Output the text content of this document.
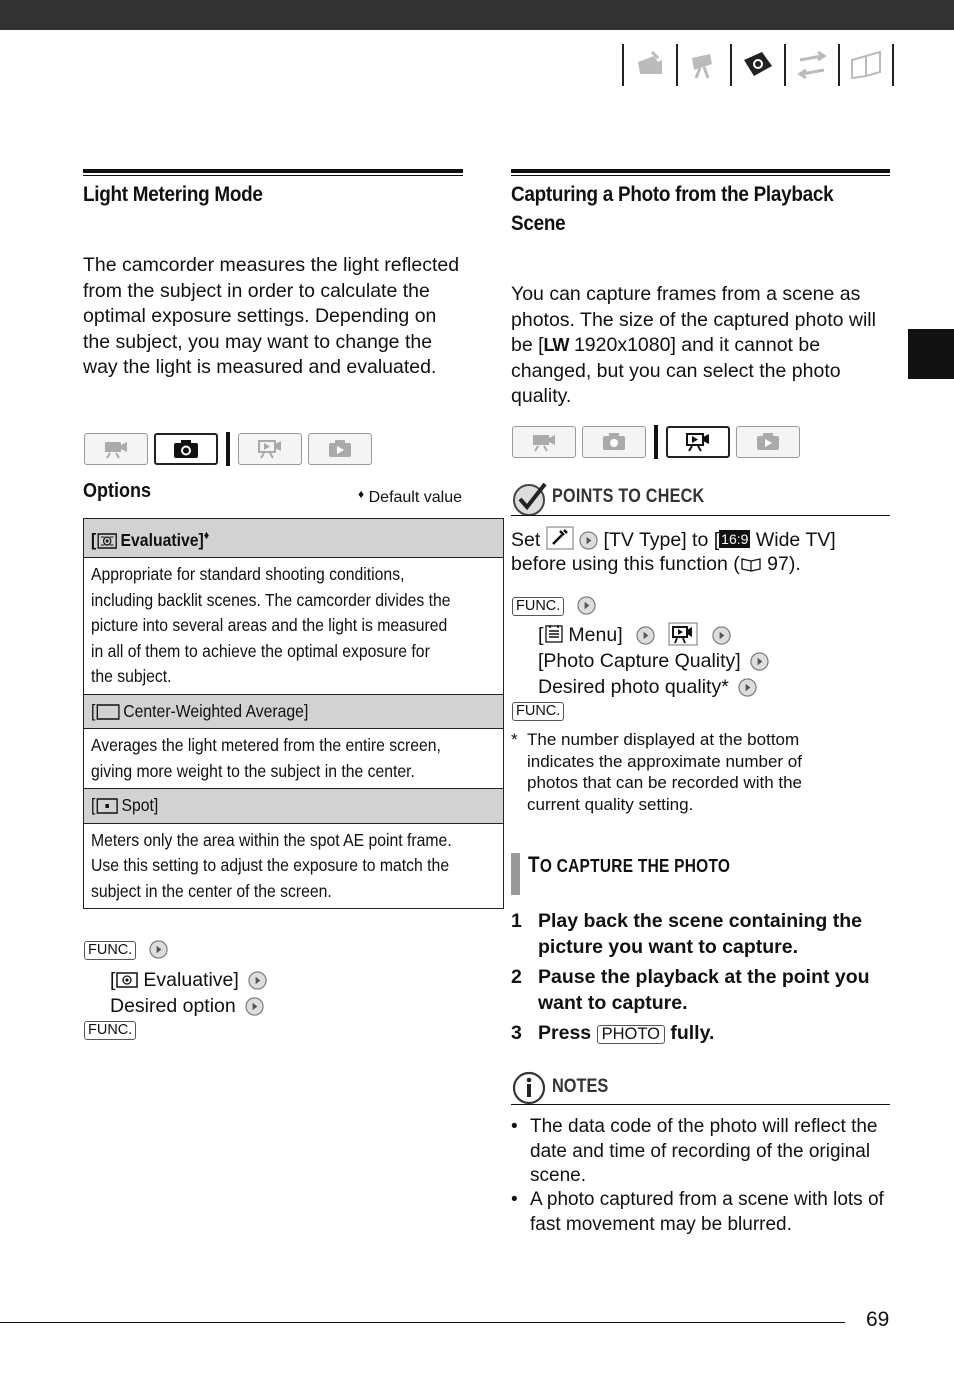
Light Metering Mode
The camcorder measures the light reflected from the subject in order to calculate the optimal exposure settings. Depending on the subject, you may want to change the way the light is measured and evaluated.
Options	♦ Default value
[ Evaluative]♦

Appropriate for standard shooting conditions, including backlit scenes. The camcorder divides the picture into several areas and the light is measured in all of them to achieve the optimal exposure for the subject.

[ Center-Weighted Average]

Averages the light metered from the entire screen, giving more weight to the subject in the center.

[ Spot]

Meters only the area within the spot AE point frame. Use this setting to adjust the exposure to match the subject in the center of the screen.
FUNC.
[ Evaluative]
Desired option
FUNC.
Capturing a Photo from the Playback
Scene
You can capture frames from a scene as photos. The size of the captured photo will be [LW 1920x1080] and it cannot be changed, but you can select the photo quality.
POINTS TO CHECK
Set	[TV Type] to [ 16:9 Wide TV]
before using this function ( 97).
FUNC.
[ Menu]
[Photo Capture Quality]
Desired photo quality*
FUNC.
* The number displayed at the bottom indicates the approximate number of photos that can be recorded with the current quality setting.
TO CAPTURE THE PHOTO
1 Play back the scene containing the picture you want to capture.
2 Pause the playback at the point you want to capture.
3 Press PHOTO fully.
NOTES
• The data code of the photo will reflect the date and time of recording of the original scene.
• A photo captured from a scene with lots of fast movement may be blurred.
69
